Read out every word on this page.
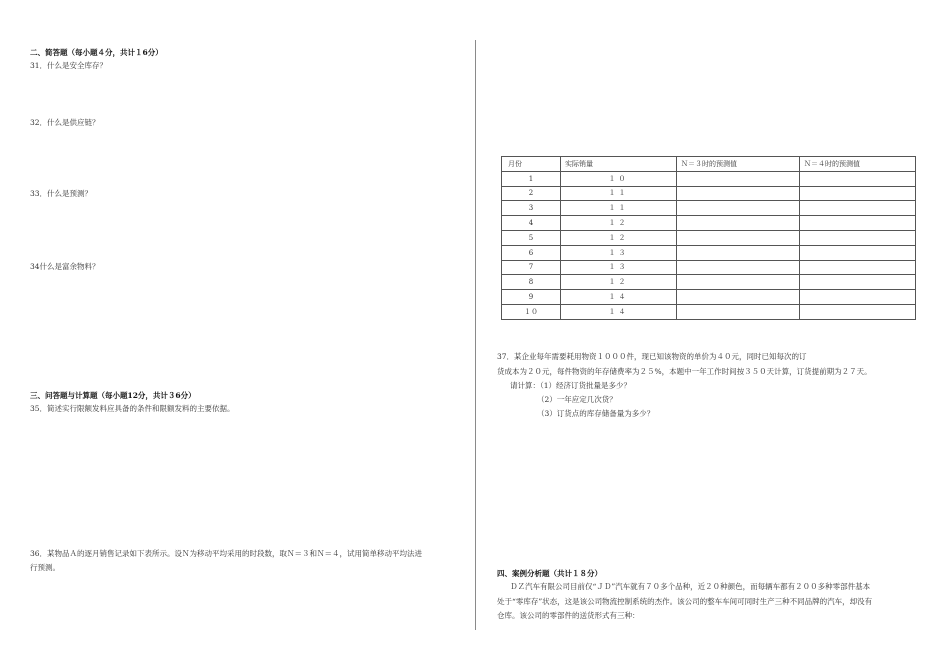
二、简答题（每小题４分，共计１6分）
31．什么是安全库存？
32．什么是供应链？
33．什么是预测？
34什么是富余物料？
三、问答题与计算题（每小题12分，共计３6分）
35．简述实行限额发料应具备的条件和限额发料的主要依据。
36．某物品Ａ的逐月销售记录如下表所示。设Ｎ为移动平均采用的时段数，取Ｎ＝３和Ｎ＝４，试用简单移动平均法进
行预测。
月份	实际销量	Ｎ＝３时的预测值	Ｎ＝４时的预测值
1	１０		
2	１１		
3	１１		
4	１２		
5	１２		
6	１３		
7	１３		
8	１２		
9	１４		
１０	１４		
37．某企业每年需要耗用物资１０００件，现已知该物资的单价为４０元，同时已知每次的订
货成本为２０元，每件物资的年存储费率为２５%，本题中一年工作时间按３５０天计算，订货提前期为２７天。
请计算：（1）经济订货批量是多少？
（2）一年应定几次货？
（3）订货点的库存储备量为多少？
四、案例分析题（共计１８分）
ＤＺ汽车有限公司目前仅“ＪＤ”汽车就有７０多个品种，近２０种颜色，而每辆车都有２００多种零部件基本
处于“零库存”状态，这是该公司物流控制系统的杰作。该公司的整车车间可同时生产三种不同品牌的汽车，却没有
仓库。该公司的零部件的送货形式有三种：
